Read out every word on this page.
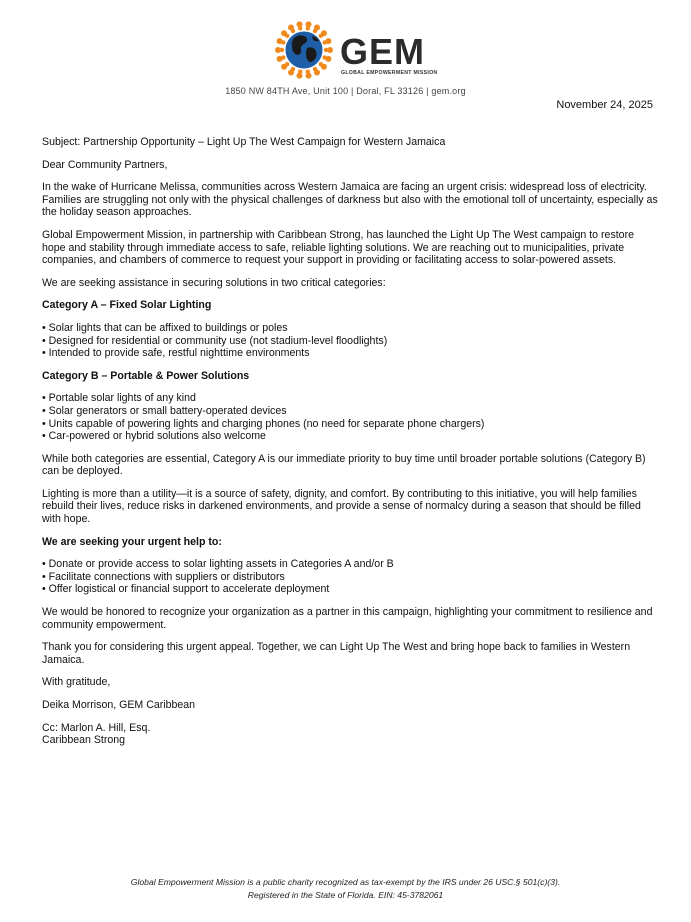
GEM
GLOBAL EMPOWERMENT MISSION
1850 NW 84TH Ave, Unit 100 | Doral, FL 33126 | gem.org
November 24, 2025

Subject: Partnership Opportunity – Light Up The West Campaign for Western Jamaica

Dear Community Partners,

In the wake of Hurricane Melissa, communities across Western Jamaica are facing an urgent crisis: widespread loss of electricity. Families are struggling not only with the physical challenges of darkness but also with the emotional toll of uncertainty, especially as the holiday season approaches.

Global Empowerment Mission, in partnership with Caribbean Strong, has launched the Light Up The West campaign to restore hope and stability through immediate access to safe, reliable lighting solutions. We are reaching out to municipalities, private companies, and chambers of commerce to request your support in providing or facilitating access to solar-powered assets.

We are seeking assistance in securing solutions in two critical categories:

Category A – Fixed Solar Lighting
• Solar lights that can be affixed to buildings or poles
• Designed for residential or community use (not stadium-level floodlights)
• Intended to provide safe, restful nighttime environments
Category B – Portable & Power Solutions
• Portable solar lights of any kind
• Solar generators or small battery-operated devices
• Units capable of powering lights and charging phones (no need for separate phone chargers)
• Car-powered or hybrid solutions also welcome

While both categories are essential, Category A is our immediate priority to buy time until broader portable solutions (Category B) can be deployed.

Lighting is more than a utility—it is a source of safety, dignity, and comfort. By contributing to this initiative, you will help families rebuild their lives, reduce risks in darkened environments, and provide a sense of normalcy during a season that should be filled with hope.

We are seeking your urgent help to:
• Donate or provide access to solar lighting assets in Categories A and/or B
• Facilitate connections with suppliers or distributors
• Offer logistical or financial support to accelerate deployment

We would be honored to recognize your organization as a partner in this campaign, highlighting your commitment to resilience and community empowerment.

Thank you for considering this urgent appeal. Together, we can Light Up The West and bring hope back to families in Western Jamaica.

With gratitude,

Deika Morrison, GEM Caribbean

Cc: Marlon A. Hill, Esq.

Caribbean Strong

Global Empowerment Mission is a public charity recognized as tax-exempt by the IRS under 26 USC.§ 501(c)(3).
Registered in the State of Florida. EIN: 45-3782061
